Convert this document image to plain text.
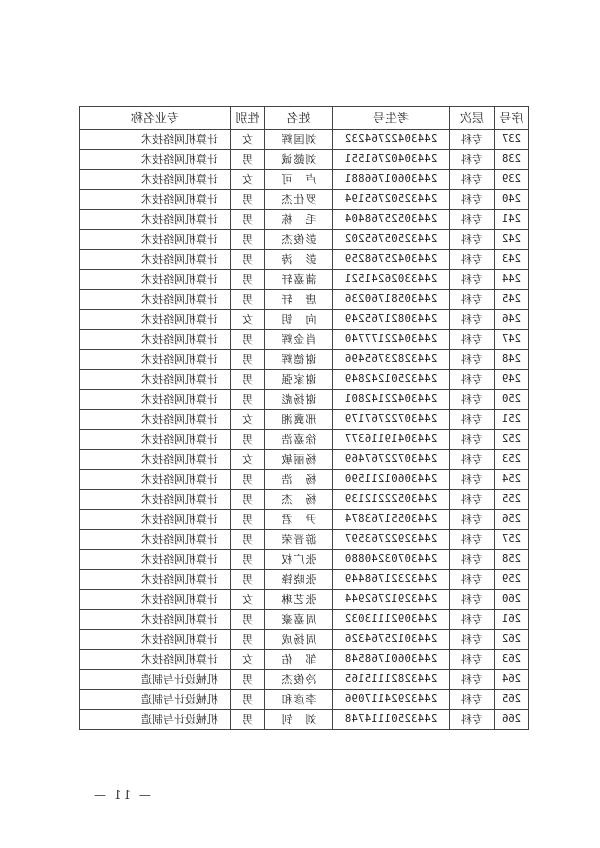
序号	层次	考生号	姓名	性别	专业名称
237	专科	24430422764232	刘国辉	女	计算机网络技术
238	专科	24430402761551	刘懿诚	男	计算机网络技术
239	专科	24430601766881	卢　可	女	计算机网络技术
240	专科	24432502765194	罗仕杰	男	计算机网络技术
241	专科	24430525768404	毛　栋	男	计算机网络技术
242	专科	24432505765202	彭俊杰	男	计算机网络技术
243	专科	24430425768259	彭　涛	男	计算机网络技术
244	专科	24433026241521	蒲嘉轩	男	计算机网络技术
245	专科	24430581760236	唐　轩	男	计算机网络技术
246	专科	24430821765249	向　钥	女	计算机网络技术
247	专科	24430422177740	肖金辉	男	计算机网络技术
248	专科	24432823765496	谢德辉	男	计算机网络技术
249	专科	24432501242849	谢家强	男	计算机网络技术
250	专科	24430422142801	谢扬彪	男	计算机网络技术
251	专科	24430722767179	邢冀湘	女	计算机网络技术
252	专科	24430419116377	徐嘉浩	男	计算机网络技术
253	专科	24430722767469	杨丽敏	女	计算机网络技术
254	专科	24430601211590	杨　浩	男	计算机网络技术
255	专科	24430522212139	杨　杰	男	计算机网络技术
256	专科	24430551763874	尹　君	男	计算机网络技术
257	专科	24432922763597	游晋荣	男	计算机网络技术
258	专科	24430703240880	张广权	男	计算机网络技术
259	专科	24432321768449	张晓锋	男	计算机网络技术
260	专科	24432912762944	张艺琳	女	计算机网络技术
261	专科	24430921113032	周嘉豪	男	计算机网络技术
262	专科	24430125764326	周扬成	男	计算机网络技术
263	专科	24430601768548	邹　佑	女	计算机网络技术
264	专科	24432821115165	冷俊杰	男	机械设计与制造
265	专科	24432924117096	李彦和	男	机械设计与制造
266	专科	24432501114748	刘　钊	男	机械设计与制造
— 11 —
